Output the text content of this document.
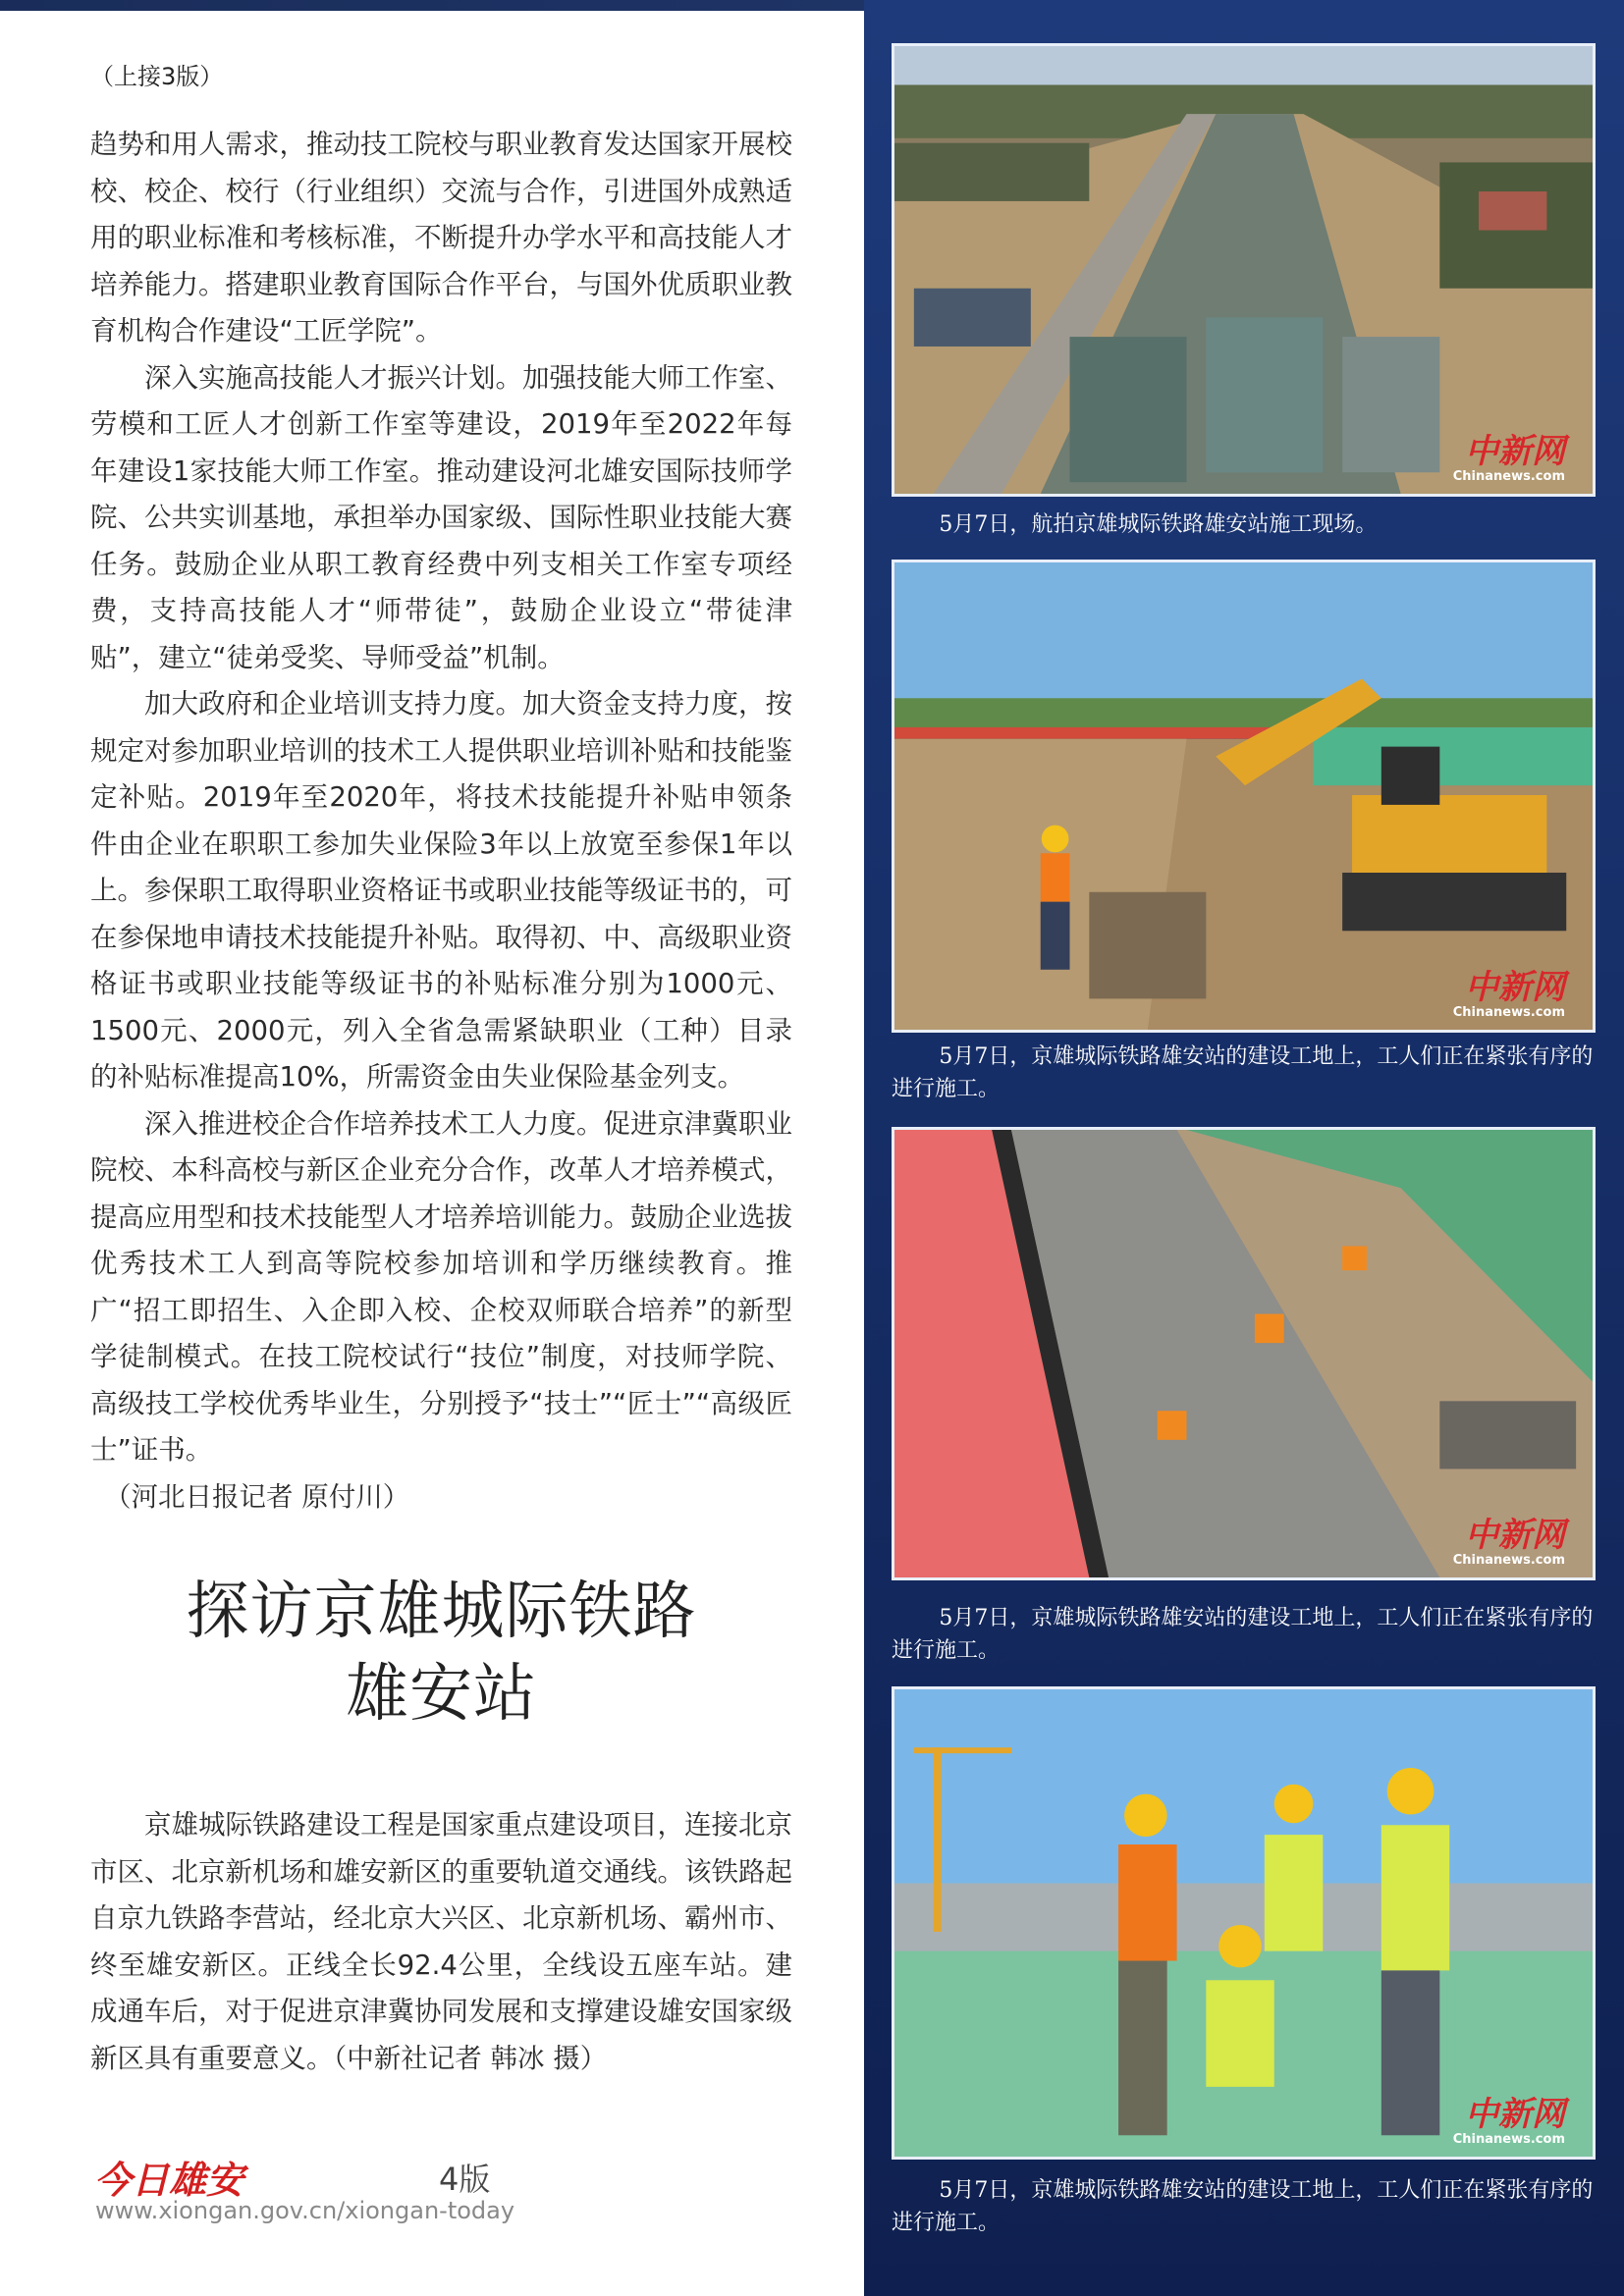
（上接3版）

趋势和用人需求，推动技工院校与职业教育发达国家开展校校、校企、校行（行业组织）交流与合作，引进国外成熟适用的职业标准和考核标准，不断提升办学水平和高技能人才培养能力。搭建职业教育国际合作平台，与国外优质职业教育机构合作建设“工匠学院”。

深入实施高技能人才振兴计划。加强技能大师工作室、劳模和工匠人才创新工作室等建设，2019年至2022年每年建设1家技能大师工作室。推动建设河北雄安国际技师学院、公共实训基地，承担举办国家级、国际性职业技能大赛任务。鼓励企业从职工教育经费中列支相关工作室专项经费，支持高技能人才“师带徒”，鼓励企业设立“带徒津贴”，建立“徒弟受奖、导师受益”机制。

加大政府和企业培训支持力度。加大资金支持力度，按规定对参加职业培训的技术工人提供职业培训补贴和技能鉴定补贴。2019年至2020年，将技术技能提升补贴申领条件由企业在职职工参加失业保险3年以上放宽至参保1年以上。参保职工取得职业资格证书或职业技能等级证书的，可在参保地申请技术技能提升补贴。取得初、中、高级职业资格证书或职业技能等级证书的补贴标准分别为1000元、1500元、2000元，列入全省急需紧缺职业（工种）目录的补贴标准提高10%，所需资金由失业保险基金列支。

深入推进校企合作培养技术工人力度。促进京津冀职业院校、本科高校与新区企业充分合作，改革人才培养模式，提高应用型和技术技能型人才培养培训能力。鼓励企业选拔优秀技术工人到高等院校参加培训和学历继续教育。推广“招工即招生、入企即入校、企校双师联合培养”的新型学徒制模式。在技工院校试行“技位”制度，对技师学院、高级技工学校优秀毕业生，分别授予“技士”“匠士”“高级匠士”证书。

（河北日报记者 原付川）

探访京雄城际铁路
雄安站

京雄城际铁路建设工程是国家重点建设项目，连接北京市区、北京新机场和雄安新区的重要轨道交通线。该铁路起自京九铁路李营站，经北京大兴区、北京新机场、霸州市、终至雄安新区。正线全长92.4公里，全线设五座车站。建成通车后，对于促进京津冀协同发展和支撑建设雄安国家级新区具有重要意义。（中新社记者 韩冰 摄）

今日雄安	4版
www.xiongan.gov.cn/xiongan-today
中新网
Chinanews.com
5月7日，航拍京雄城际铁路雄安站施工现场。
中新网
Chinanews.com
5月7日，京雄城际铁路雄安站的建设工地上，工人们正在紧张有序的进行施工。
中新网
Chinanews.com
5月7日，京雄城际铁路雄安站的建设工地上，工人们正在紧张有序的进行施工。
中新网
Chinanews.com
5月7日，京雄城际铁路雄安站的建设工地上，工人们正在紧张有序的进行施工。
